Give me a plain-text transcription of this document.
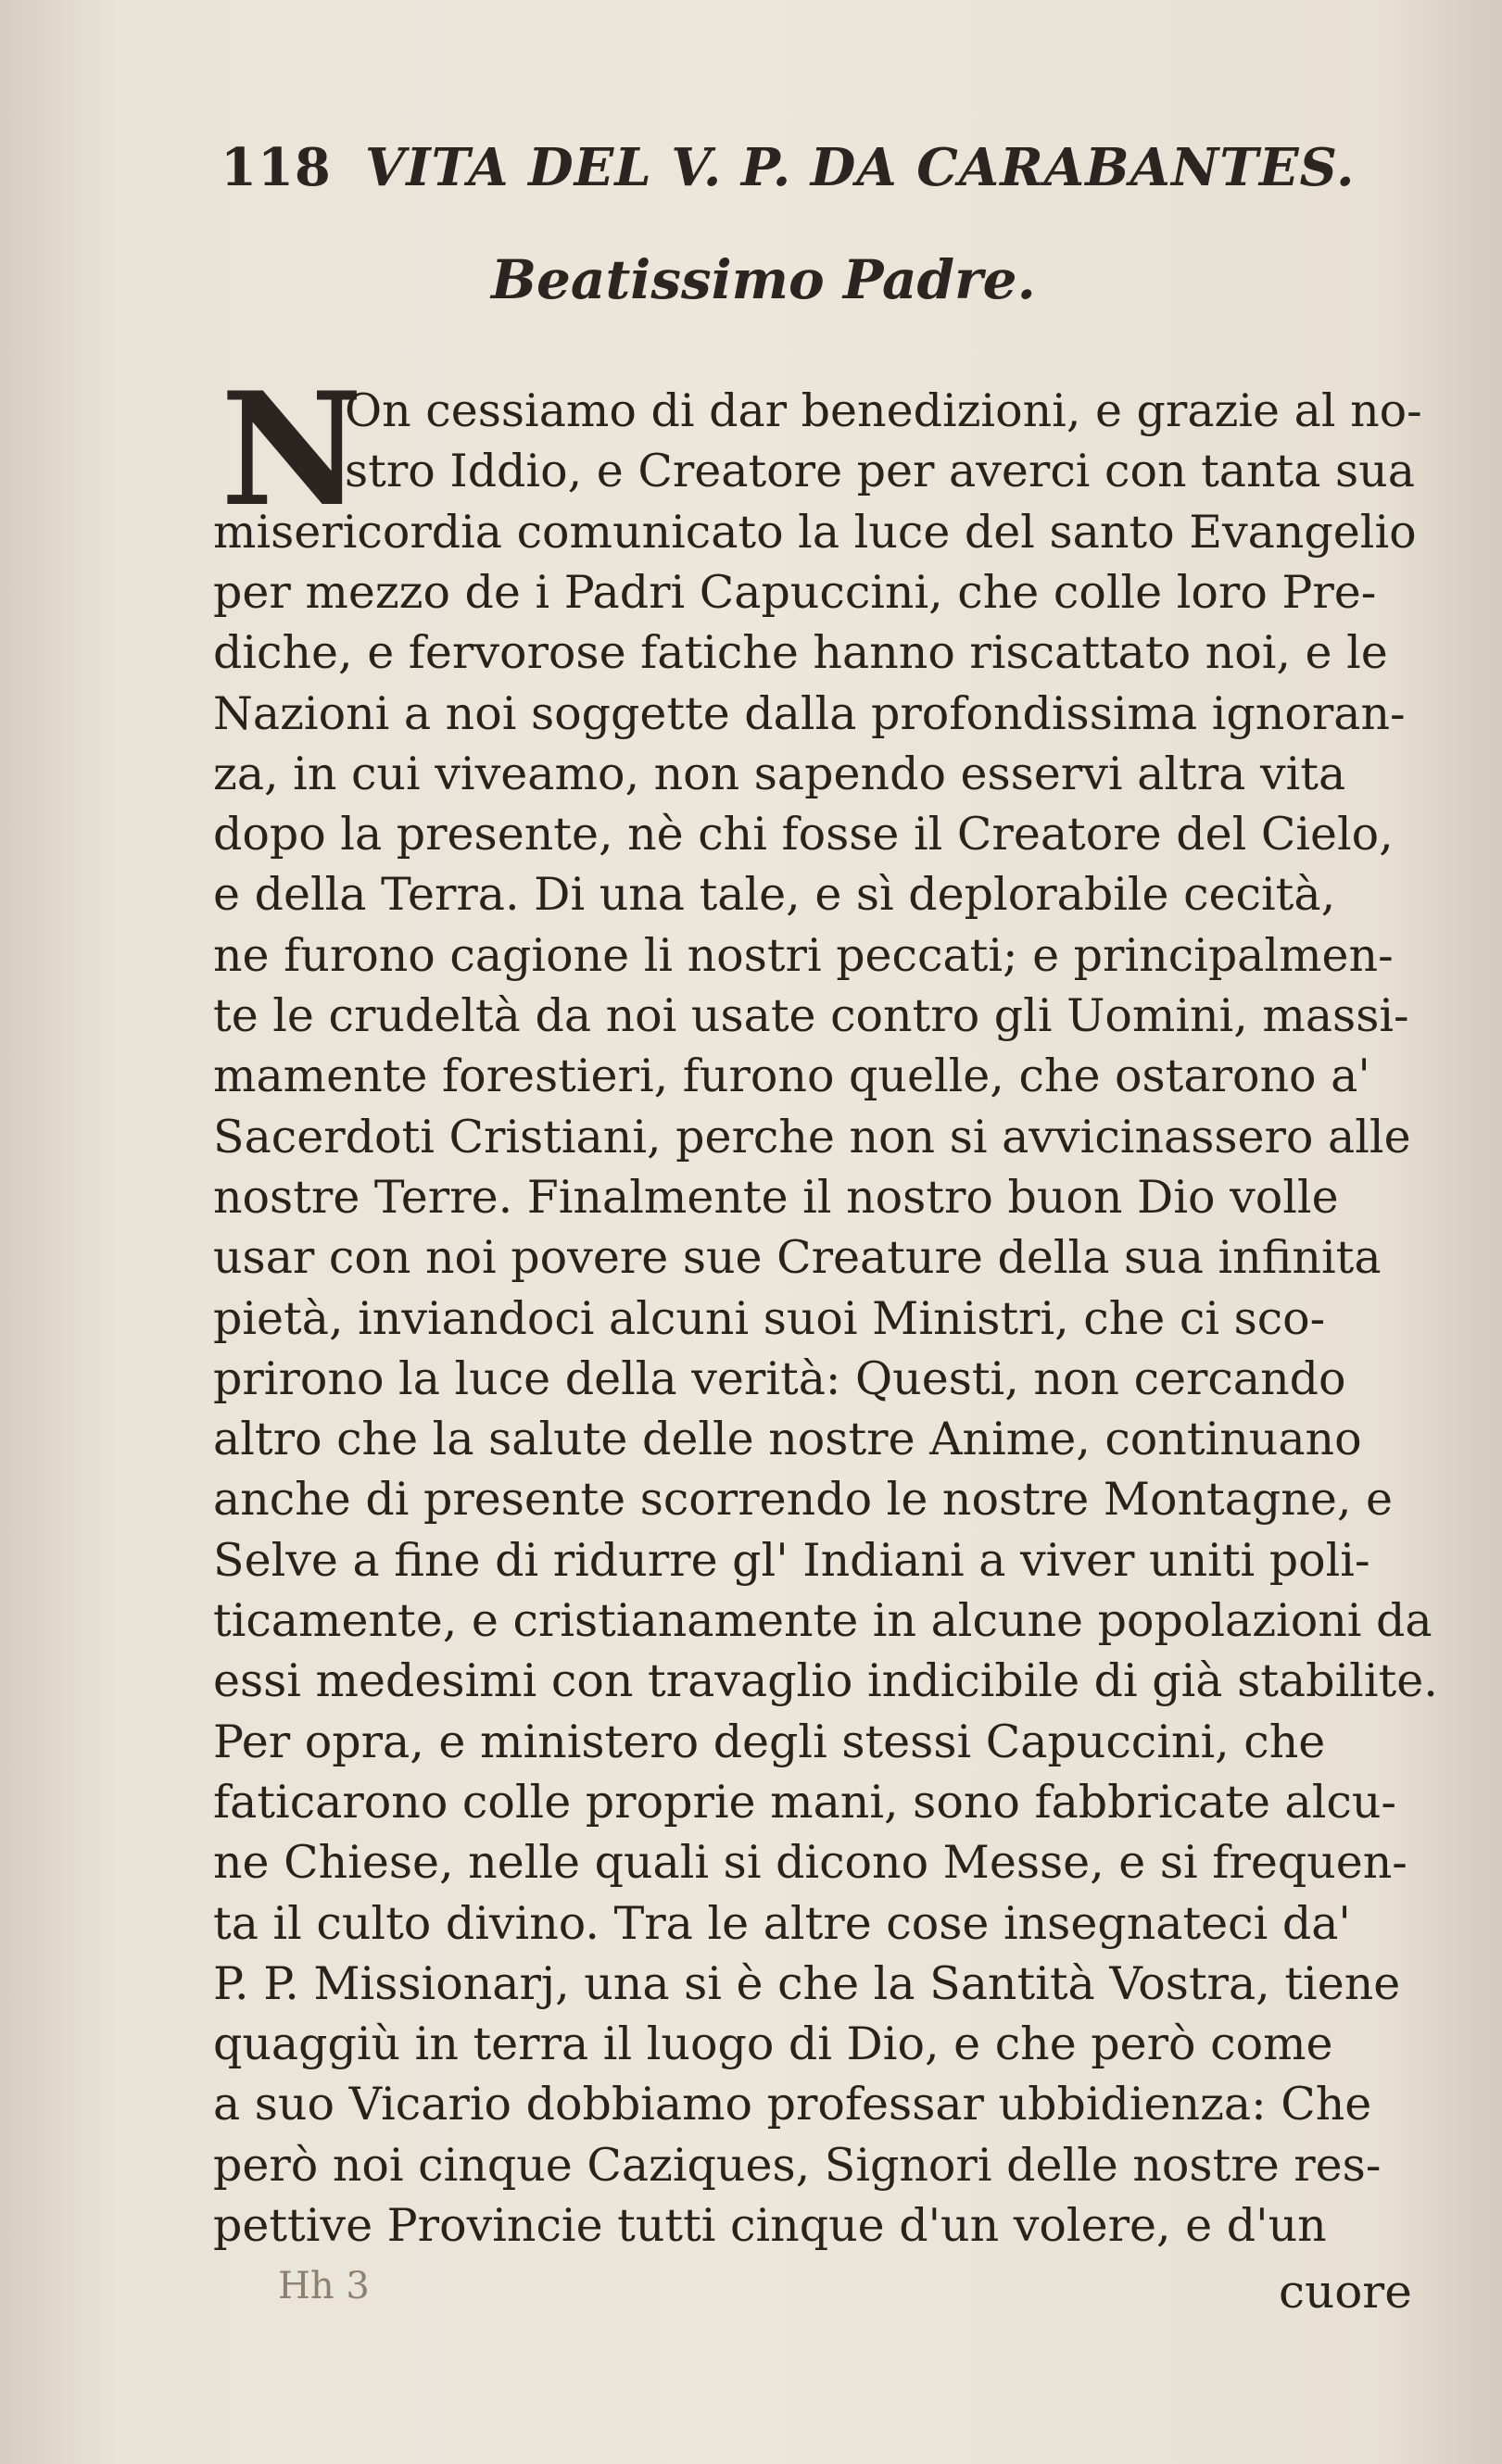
118 VITA DEL V. P. DA CARABANTES.
Beatissimo Padre.
N
On cessiamo di dar benedizioni, e grazie al no-
stro Iddio, e Creatore per averci con tanta sua
misericordia comunicato la luce del santo Evangelio
per mezzo de i Padri Capuccini, che colle loro Pre-
diche, e fervorose fatiche hanno riscattato noi, e le
Nazioni a noi soggette dalla profondissima ignoran-
za, in cui viveamo, non sapendo esservi altra vita
dopo la presente, nè chi fosse il Creatore del Cielo,
e della Terra. Di una tale, e sì deplorabile cecità,
ne furono cagione li nostri peccati; e principalmen-
te le crudeltà da noi usate contro gli Uomini, massi-
mamente forestieri, furono quelle, che ostarono a'
Sacerdoti Cristiani, perche non si avvicinassero alle
nostre Terre. Finalmente il nostro buon Dio volle
usar con noi povere sue Creature della sua infinita
pietà, inviandoci alcuni suoi Ministri, che ci sco-
prirono la luce della verità: Questi, non cercando
altro che la salute delle nostre Anime, continuano
anche di presente scorrendo le nostre Montagne, e
Selve a fine di ridurre gl' Indiani a viver uniti poli-
ticamente, e cristianamente in alcune popolazioni da
essi medesimi con travaglio indicibile di già stabilite.
Per opra, e ministero degli stessi Capuccini, che
faticarono colle proprie mani, sono fabbricate alcu-
ne Chiese, nelle quali si dicono Messe, e si frequen-
ta il culto divino. Tra le altre cose insegnateci da'
P. P. Missionarj, una si è che la Santità Vostra, tiene
quaggiù in terra il luogo di Dio, e che però come
a suo Vicario dobbiamo professar ubbidienza: Che
però noi cinque Caziques, Signori delle nostre res-
pettive Provincie tutti cinque d'un volere, e d'un
Hh 3	cuore
